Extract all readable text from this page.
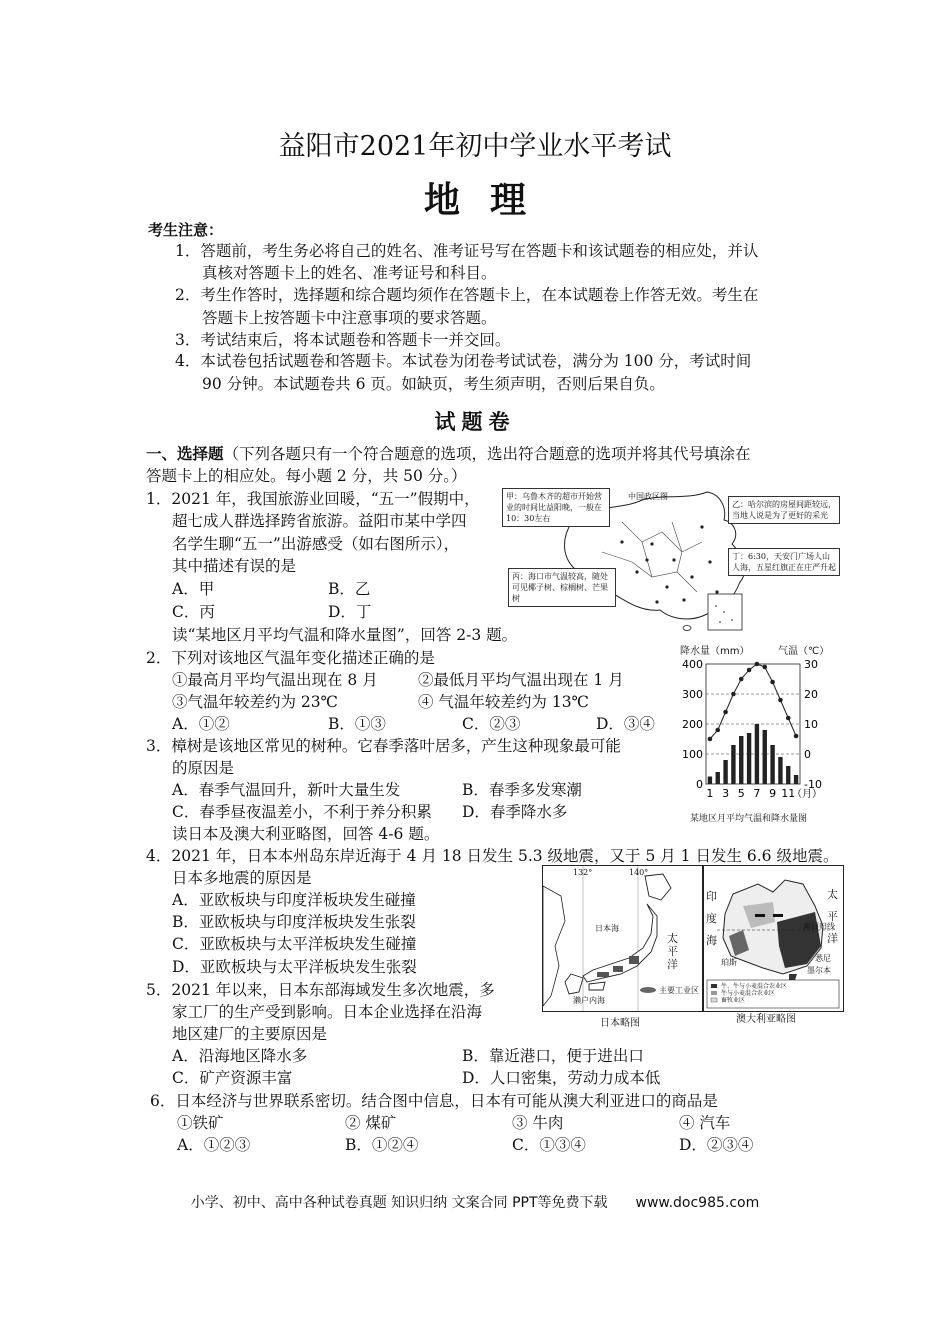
益阳市2021年初中学业水平考试
地理
考生注意：
1．答题前，考生务必将自己的姓名、准考证号写在答题卡和该试题卷的相应处，并认
真核对答题卡上的姓名、准考证号和科目。
2．考生作答时，选择题和综合题均须作在答题卡上，在本试题卷上作答无效。考生在
答题卡上按答题卡中注意事项的要求答题。
3．考试结束后，将本试题卷和答题卡一并交回。
4．本试卷包括试题卷和答题卡。本试卷为闭卷考试试卷，满分为 100 分，考试时间
90 分钟。本试题卷共 6 页。如缺页，考生须声明，否则后果自负。
试题卷
一、选择题（下列各题只有一个符合题意的选项，选出符合题意的选项并将其代号填涂在
答题卡上的相应处。每小题 2 分，共 50 分。）
1．2021 年，我国旅游业回暖，“五一”假期中，
超七成人群选择跨省旅游。益阳市某中学四
名学生聊“五一”出游感受（如右图所示），
其中描述有误的是
A．甲	B．乙
C．丙	D．丁
中国政区图
甲：乌鲁木齐的超市开始营业的时间比益阳晚，一般在10：30左右
乙：哈尔滨的房屋间距较远，当地人说是为了更好的采光
丙：海口市气温较高，随处可见椰子树、棕榈树、芒果树
丁：6:30，天安门广场人山人海，五星红旗正在庄严升起
读“某地区月平均气温和降水量图”，回答 2-3 题。
2．下列对该地区气温年变化描述正确的是
①最高月平均气温出现在 8 月	②最低月平均气温出现在 1 月
③气温年较差约为 23℃	④ 气温年较差约为 13℃
A．①②	B．①③	C．②③	D．③④
3．樟树是该地区常见的树种。它春季落叶居多，产生这种现象最可能
的原因是
A．春季气温回升，新叶大量生发	B．春季多发寒潮
C．春季昼夜温差小，不利于养分积累 D．春季降水多
降水量（mm）	气温（℃）
400
300
200
100
0
30
20
10
0
-10
1 3 5 7 9 11
（月）
某地区月平均气温和降水量图
读日本及澳大利亚略图，回答 4-6 题。
4．2021 年，日本本州岛东岸近海于 4 月 18 日发生 5.3 级地震，又于 5 月 1 日发生 6.6 级地震。
日本多地震的原因是
A．亚欧板块与印度洋板块发生碰撞
B．亚欧板块与印度洋板块发生张裂
C．亚欧板块与太平洋板块发生碰撞
D．亚欧板块与太平洋板块发生张裂
5．2021 年以来，日本东部海域发生多次地震，多
家工厂的生产受到影响。日本企业选择在沿海
地区建厂的主要原因是
A．沿海地区降水多	B．靠近港口，便于进出口
C．矿产资源丰富	D．人口密集，劳动力成本低
6．日本经济与世界联系密切。结合图中信息，日本有可能从澳大利亚进口的商品是
①铁矿	② 煤矿	③ 牛肉	④ 汽车
A．①②③	B．①②④	C．①③④	D．②③④
132°	140°
日本海
太平洋
主要工业区
濑户内海
日本略图
印
度
海
太
平
洋
南回归线
悉尼
墨尔本
珀斯
牛、牛与小麦混合农业区
牛与小麦混合农业区
畜牧业区
澳大利亚略图
小学、初中、高中各种试卷真题 知识归纳 文案合同 PPT等免费下载　　www.doc985.com
